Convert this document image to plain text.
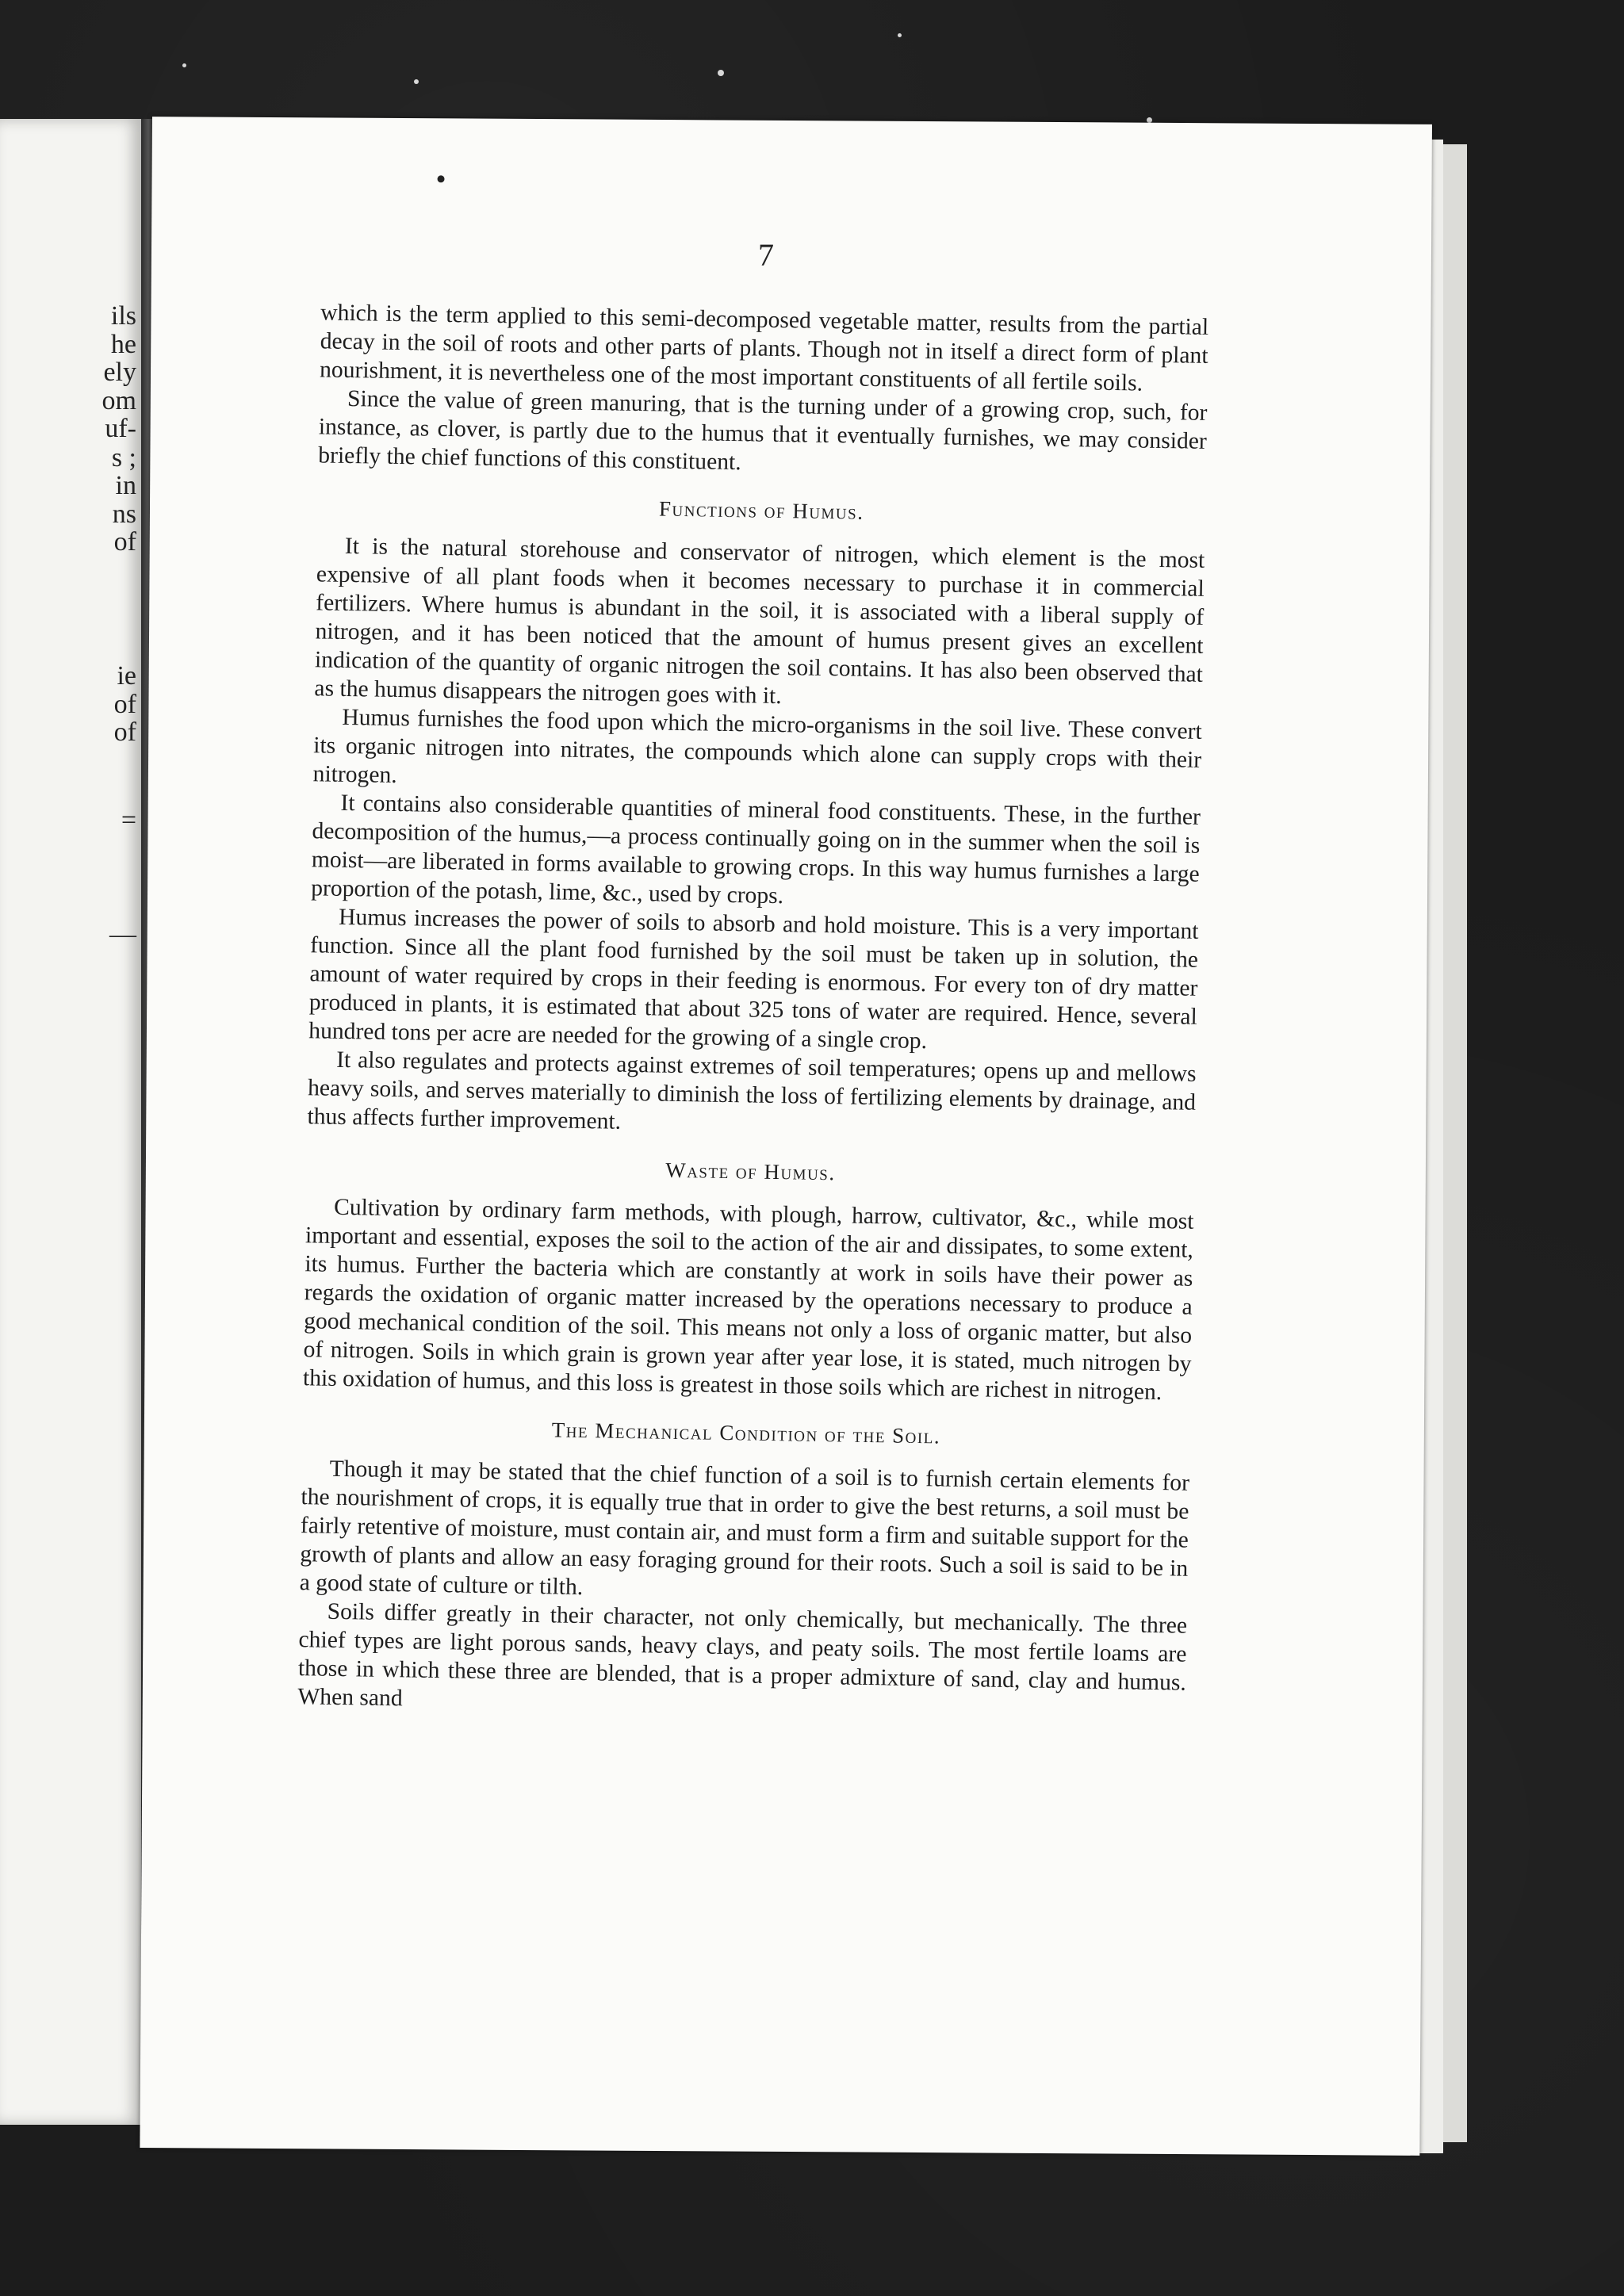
ils
he
ely
om
uf-
s ;
in
ns
of
ie
of
of
=
—
7

which is the term applied to this semi-decomposed vegetable matter, results from the partial decay in the soil of roots and other parts of plants. Though not in itself a direct form of plant nourishment, it is nevertheless one of the most important constituents of all fertile soils.

Since the value of green manuring, that is the turning under of a growing crop, such, for instance, as clover, is partly due to the humus that it eventually furnishes, we may consider briefly the chief functions of this constituent.

Functions of Humus.

It is the natural storehouse and conservator of nitrogen, which element is the most expensive of all plant foods when it becomes necessary to purchase it in commercial fertilizers. Where humus is abundant in the soil, it is associated with a liberal supply of nitrogen, and it has been noticed that the amount of humus present gives an excellent indication of the quantity of organic nitrogen the soil contains. It has also been observed that as the humus disappears the nitrogen goes with it.

Humus furnishes the food upon which the micro-organisms in the soil live. These convert its organic nitrogen into nitrates, the compounds which alone can supply crops with their nitrogen.

It contains also considerable quantities of mineral food constituents. These, in the further decomposition of the humus,—a process continually going on in the summer when the soil is moist—are liberated in forms available to growing crops. In this way humus furnishes a large proportion of the potash, lime, &c., used by crops.

Humus increases the power of soils to absorb and hold moisture. This is a very important function. Since all the plant food furnished by the soil must be taken up in solution, the amount of water required by crops in their feeding is enormous. For every ton of dry matter produced in plants, it is estimated that about 325 tons of water are required. Hence, several hundred tons per acre are needed for the growing of a single crop.

It also regulates and protects against extremes of soil temperatures; opens up and mellows heavy soils, and serves materially to diminish the loss of fertilizing elements by drainage, and thus affects further improvement.

Waste of Humus.

Cultivation by ordinary farm methods, with plough, harrow, cultivator, &c., while most important and essential, exposes the soil to the action of the air and dissipates, to some extent, its humus. Further the bacteria which are constantly at work in soils have their power as regards the oxidation of organic matter increased by the operations necessary to produce a good mechanical condition of the soil. This means not only a loss of organic matter, but also of nitrogen. Soils in which grain is grown year after year lose, it is stated, much nitrogen by this oxidation of humus, and this loss is greatest in those soils which are richest in nitrogen.

The Mechanical Condition of the Soil.

Though it may be stated that the chief function of a soil is to furnish certain elements for the nourishment of crops, it is equally true that in order to give the best returns, a soil must be fairly retentive of moisture, must contain air, and must form a firm and suitable support for the growth of plants and allow an easy foraging ground for their roots. Such a soil is said to be in a good state of culture or tilth.

Soils differ greatly in their character, not only chemically, but mechanically. The three chief types are light porous sands, heavy clays, and peaty soils. The most fertile loams are those in which these three are blended, that is a proper admixture of sand, clay and humus. When sand
